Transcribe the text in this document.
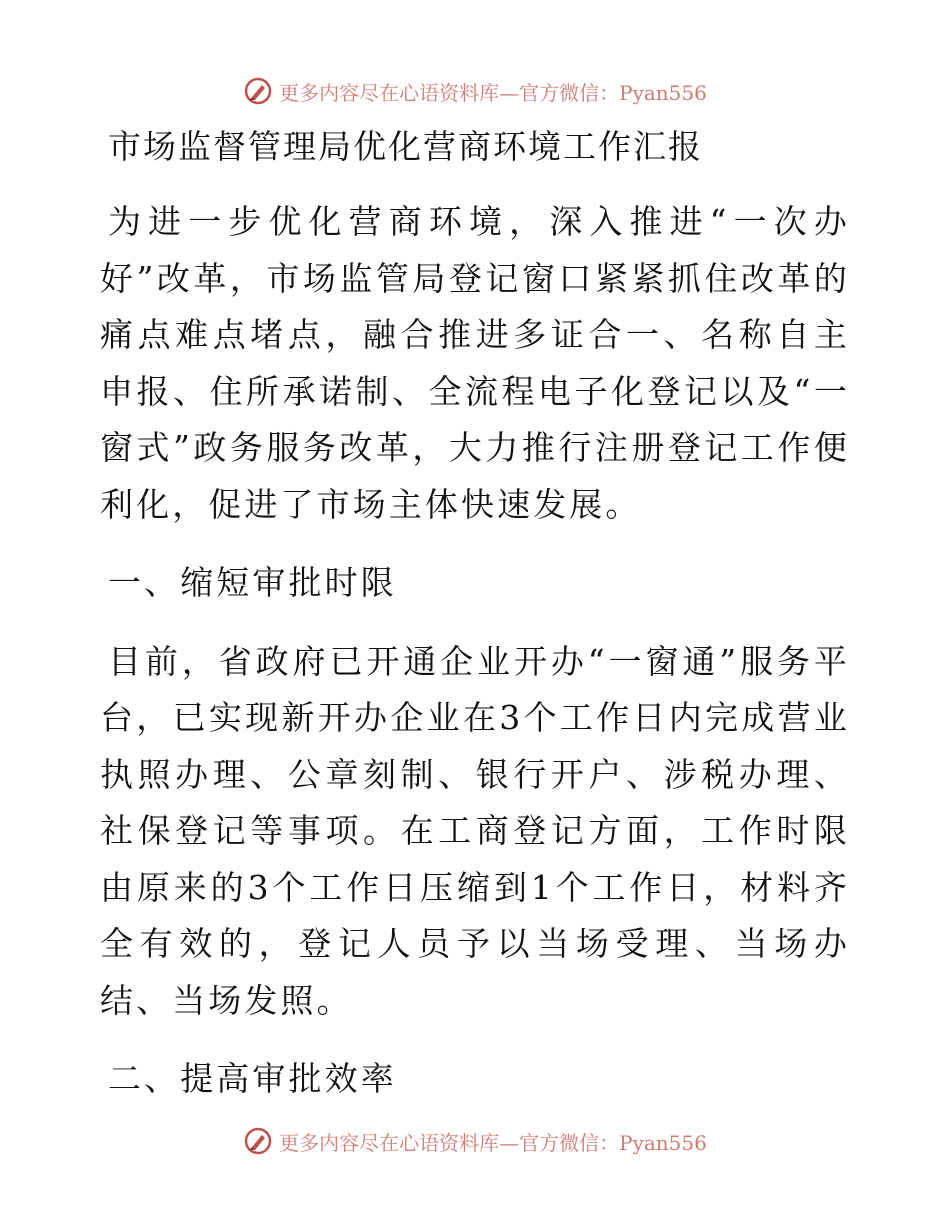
更多内容尽在心语资料库—官方微信：Pyan556
市场监督管理局优化营商环境工作汇报

为进一步优化营商环境，深入推进“一次办好”改革，市场监管局登记窗口紧紧抓住改革的痛点难点堵点，融合推进多证合一、名称自主申报、住所承诺制、全流程电子化登记以及“一窗式”政务服务改革，大力推行注册登记工作便利化，促进了市场主体快速发展。

一、缩短审批时限

目前，省政府已开通企业开办“一窗通”服务平台，已实现新开办企业在3个工作日内完成营业执照办理、公章刻制、银行开户、涉税办理、社保登记等事项。在工商登记方面，工作时限由原来的3个工作日压缩到1个工作日，材料齐全有效的，登记人员予以当场受理、当场办结、当场发照。

二、提高审批效率
更多内容尽在心语资料库—官方微信：Pyan556
